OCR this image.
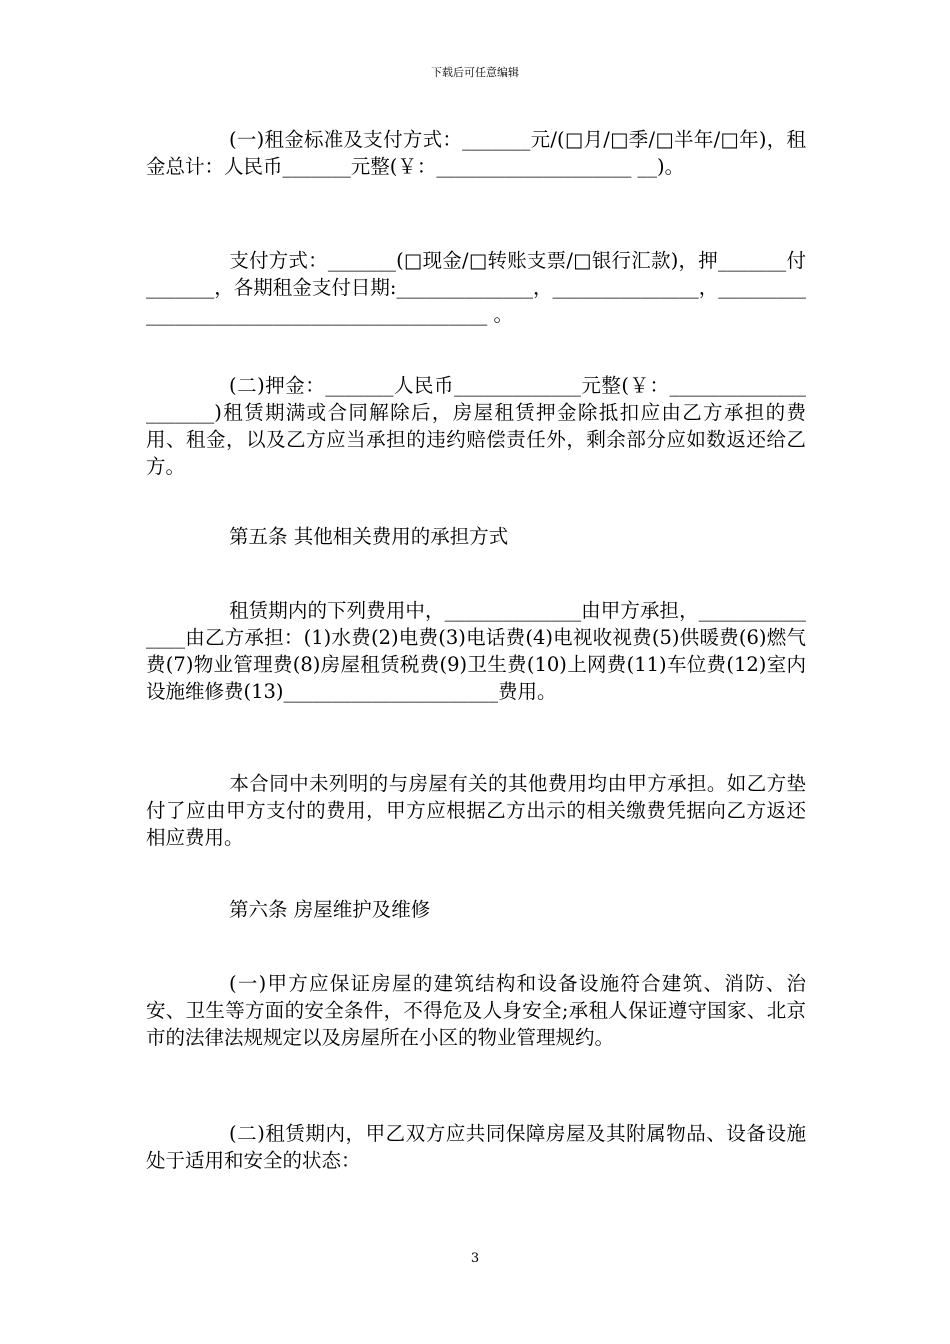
下载后可任意编辑
(一)租金标准及支付方式：_______元/(□月/□季/□半年/□年)，租金总计：人民币_______元整(￥：____________________ __)。
支付方式：_______(□现金/□转账支票/□银行汇款)，押_______付_______，各期租金支付日期:______________，_______________，____________________________________________ 。
(二)押金：_______人民币_____________元整(￥：_____________________)租赁期满或合同解除后，房屋租赁押金除抵扣应由乙方承担的费用、租金，以及乙方应当承担的违约赔偿责任外，剩余部分应如数返还给乙方。
第五条 其他相关费用的承担方式
租赁期内的下列费用中，______________由甲方承担，_______________由乙方承担：(1)水费(2)电费(3)电话费(4)电视收视费(5)供暖费(6)燃气费(7)物业管理费(8)房屋租赁税费(9)卫生费(10)上网费(11)车位费(12)室内设施维修费(13)______________________费用。
本合同中未列明的与房屋有关的其他费用均由甲方承担。如乙方垫付了应由甲方支付的费用，甲方应根据乙方出示的相关缴费凭据向乙方返还相应费用。
第六条 房屋维护及维修
(一)甲方应保证房屋的建筑结构和设备设施符合建筑、消防、治安、卫生等方面的安全条件，不得危及人身安全;承租人保证遵守国家、北京市的法律法规规定以及房屋所在小区的物业管理规约。
(二)租赁期内，甲乙双方应共同保障房屋及其附属物品、设备设施处于适用和安全的状态：
3
